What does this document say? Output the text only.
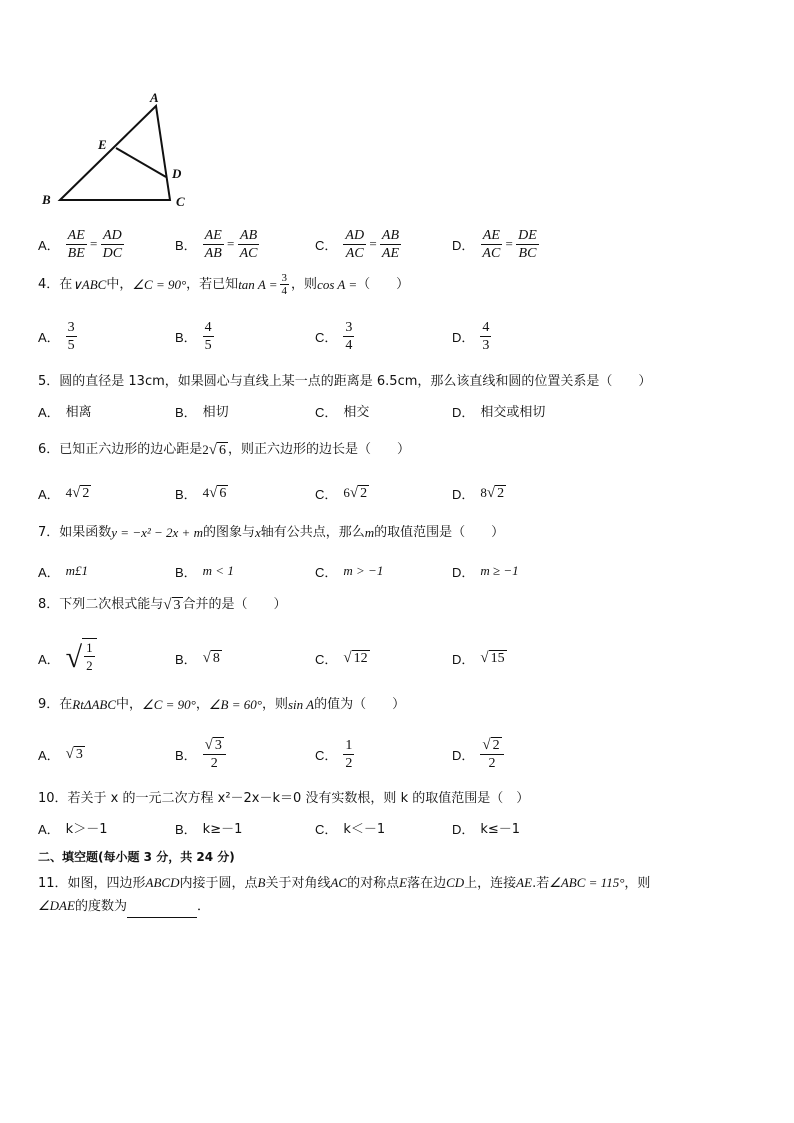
A
B	C
D
E
A． $\frac{AE}{BE} = \frac{AD}{DC}$	B． $\frac{AE}{AB} = \frac{AB}{AC}$	C． $\frac{AD}{AC} = \frac{AB}{AE}$	D． $\frac{AE}{AC} = \frac{DE}{BC}$
4．在 ∨ABC 中， ∠C = 90° ，若已知 $\tan A = \frac{3}{4}$ ，则 cos A = （　　）
A． $\frac{3}{5}$	B． $\frac{4}{5}$	C． $\frac{3}{4}$	D． $\frac{4}{3}$
5．圆的直径是 13cm，如果圆心与直线上某一点的距离是 6.5cm，那么该直线和圆的位置关系是（　　）
A． 相离	B． 相切	C． 相交	D． 相交或相切
6．已知正六边形的边心距是 2 √ 6 ，则正六边形的边长是（　　）
A． 4 √ 2	B． 4 √ 6	C． 6 √ 2	D． 8 √ 2
7．如果函数 y = −x² − 2x + m 的图象与 x 轴有公共点，那么 m 的取值范围是（　　）
A． m£1	B． m < 1	C． m > −1	D． m ≥ −1
8．下列二次根式能与 √ 3 合并的是（　　）
A． √ $\frac{1}{2}$	B． √ 8	C． √ 12	D． √ 15
9．在 RtΔABC 中， ∠C = 90° ， ∠B = 60° ，则 sin A 的值为（　　）
A． √ 3	B． $\frac{√ 3}{2}$	C． $\frac{1}{2}$	D． $\frac{√ 2}{2}$
10．若关于 x 的一元二次方程 x²－2x－k＝0 没有实数根，则 k 的取值范围是（　）
A． k＞－1	B． k≥－1	C． k＜－1	D． k≤－1
二、填空题(每小题 3 分，共 24 分)
11．如图，四边形ABCD内接于圆，点B关于对角线AC的对称点E落在边CD上，连接AE.若∠ABC = 115°，则
∠DAE的度数为	．
